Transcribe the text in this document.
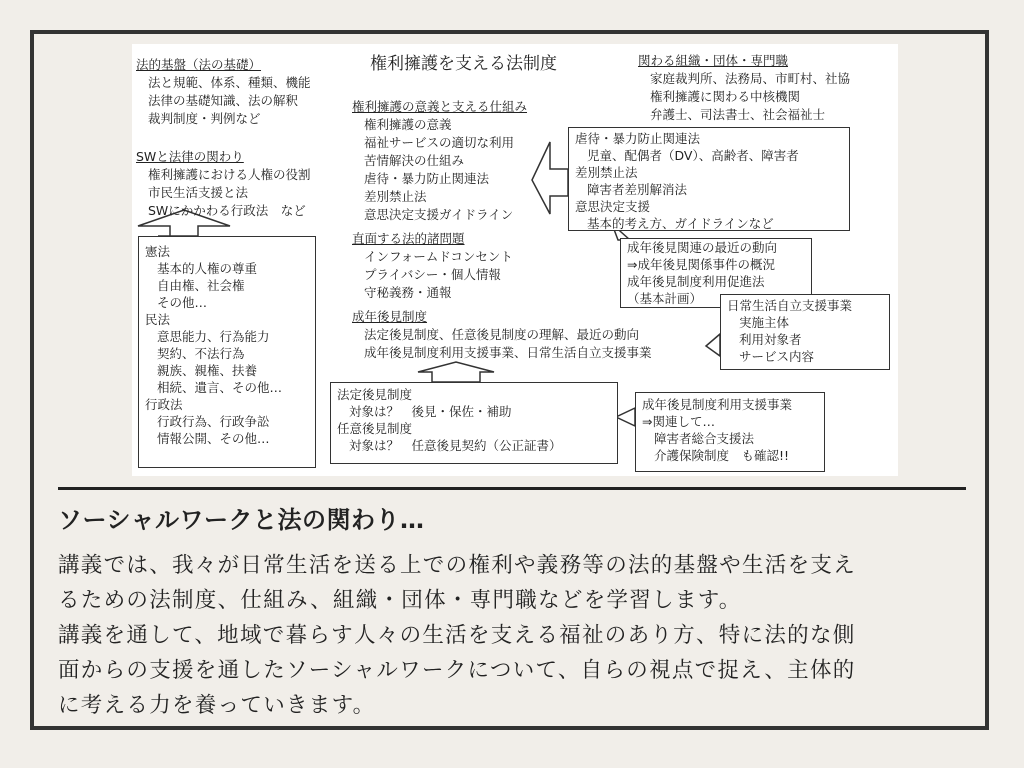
権利擁護を支える法制度
法的基盤（法の基礎）
法と規範、体系、種類、機能
法律の基礎知識、法の解釈
裁判制度・判例など
SWと法律の関わり
権利擁護における人権の役割
市民生活支援と法
SWにかかわる行政法　など
憲法
基本的人権の尊重
自由権、社会権
その他…
民法
意思能力、行為能力
契約、不法行為
親族、親権、扶養
相続、遺言、その他…
行政法
行政行為、行政争訟
情報公開、その他…
関わる組織・団体・専門職
家庭裁判所、法務局、市町村、社協
権利擁護に関わる中核機関
弁護士、司法書士、社会福祉士
権利擁護の意義と支える仕組み
権利擁護の意義
福祉サービスの適切な利用
苦情解決の仕組み
虐待・暴力防止関連法
差別禁止法
意思決定支援ガイドライン
虐待・暴力防止関連法
児童、配偶者（DV）、高齢者、障害者
差別禁止法
障害者差別解消法
意思決定支援
基本的考え方、ガイドラインなど
直面する法的諸問題
インフォームドコンセント
プライバシー・個人情報
守秘義務・通報
成年後見関連の最近の動向
⇒成年後見関係事件の概況
成年後見制度利用促進法
（基本計画）
成年後見制度
法定後見制度、任意後見制度の理解、最近の動向
成年後見制度利用支援事業、日常生活自立支援事業
日常生活自立支援事業
実施主体
利用対象者
サービス内容
法定後見制度
対象は？　後見・保佐・補助
任意後見制度
対象は？　任意後見契約（公正証書）
成年後見制度利用支援事業
⇒関連して…
障害者総合支援法
介護保険制度　も確認!!
ソーシャルワークと法の関わり…
講義では、我々が日常生活を送る上での権利や義務等の法的基盤や生活を支え
るための法制度、仕組み、組織・団体・専門職などを学習します。
講義を通して、地域で暮らす人々の生活を支える福祉のあり方、特に法的な側
面からの支援を通したソーシャルワークについて、自らの視点で捉え、主体的
に考える力を養っていきます。
